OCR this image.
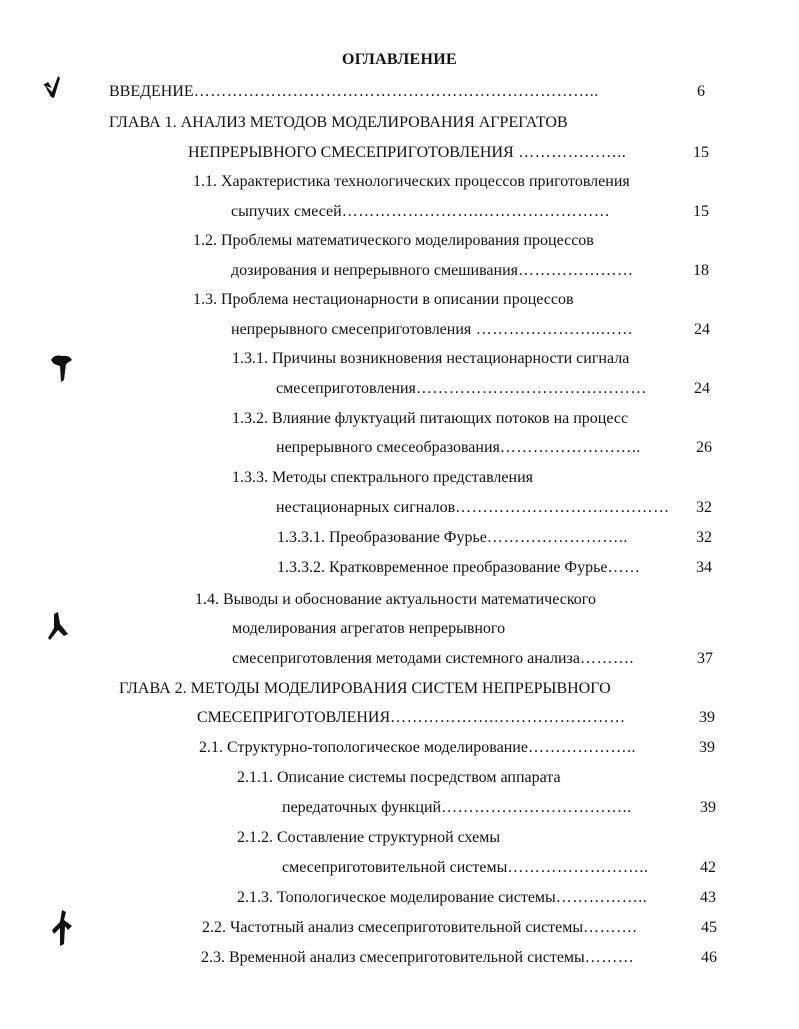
ОГЛАВЛЕНИЕ
ВВЕДЕНИЕ………………………………………………………………..	6
ГЛАВА 1. АНАЛИЗ МЕТОДОВ МОДЕЛИРОВАНИЯ АГРЕГАТОВ
НЕПРЕРЫВНОГО СМЕСЕПРИГОТОВЛЕНИЯ ………………..	15
1.1. Характеристика технологических процессов приготовления
сыпучих смесей…………………….……………………	15
1.2. Проблемы математического моделирования процессов
дозирования и непрерывного смешивания…………………	18
1.3. Проблема нестационарности в описании процессов
непрерывного смесеприготовления …………………..……	24
1.3.1. Причины возникновения нестационарности сигнала
смесеприготовления……………………………………	24
1.3.2. Влияние флуктуаций питающих потоков на процесс
непрерывного смесеобразования……………………..	26
1.3.3. Методы спектрального представления
нестационарных сигналов…………………………………	32
1.3.3.1. Преобразование Фурье……………………..	32
1.3.3.2. Кратковременное преобразование Фурье……	34
1.4. Выводы и обоснование актуальности математического
моделирования агрегатов непрерывного
смесеприготовления методами системного анализа……….	37
ГЛАВА 2. МЕТОДЫ МОДЕЛИРОВАНИЯ СИСТЕМ НЕПРЕРЫВНОГО
СМЕСЕПРИГОТОВЛЕНИЯ……………….……………………	39
2.1. Структурно-топологическое моделирование………………..	39
2.1.1. Описание системы посредством аппарата
передаточных функций……………………………..	39
2.1.2. Составление структурной схемы
смесеприготовительной системы……………………..	42
2.1.3. Топологическое моделирование системы……………..	43
2.2. Частотный анализ смесеприготовительной системы……….	45
2.3. Временной анализ смесеприготовительной системы………	46
